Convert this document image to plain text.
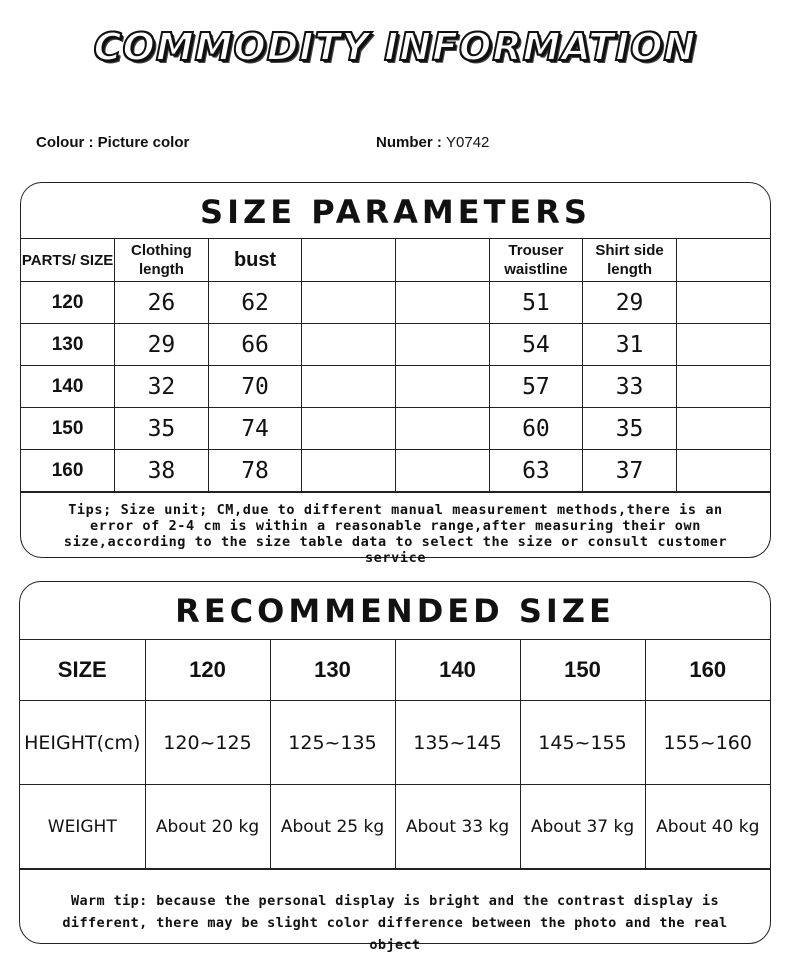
COMMODITY INFORMATION
Colour : Picture color	Number : Y0742
SIZE PARAMETERS
PARTS/ SIZE	Clothing length	bust			Trouser waistline	Shirt side length	
120	26	62			51	29	
130	29	66			54	31	
140	32	70			57	33	
150	35	74			60	35	
160	38	78			63	37	
Tips; Size unit; CM,due to different manual measurement methods,there is an error of 2-4 cm is within a reasonable range,after measuring their own size,according to the size table data to select the size or consult customer service
RECOMMENDED SIZE
SIZE	120	130	140	150	160
HEIGHT(cm)	120~125	125~135	135~145	145~155	155~160
WEIGHT	About 20 kg	About 25 kg	About 33 kg	About 37 kg	About 40 kg
Warm tip: because the personal display is bright and the contrast display is different, there may be slight color difference between the photo and the real object
